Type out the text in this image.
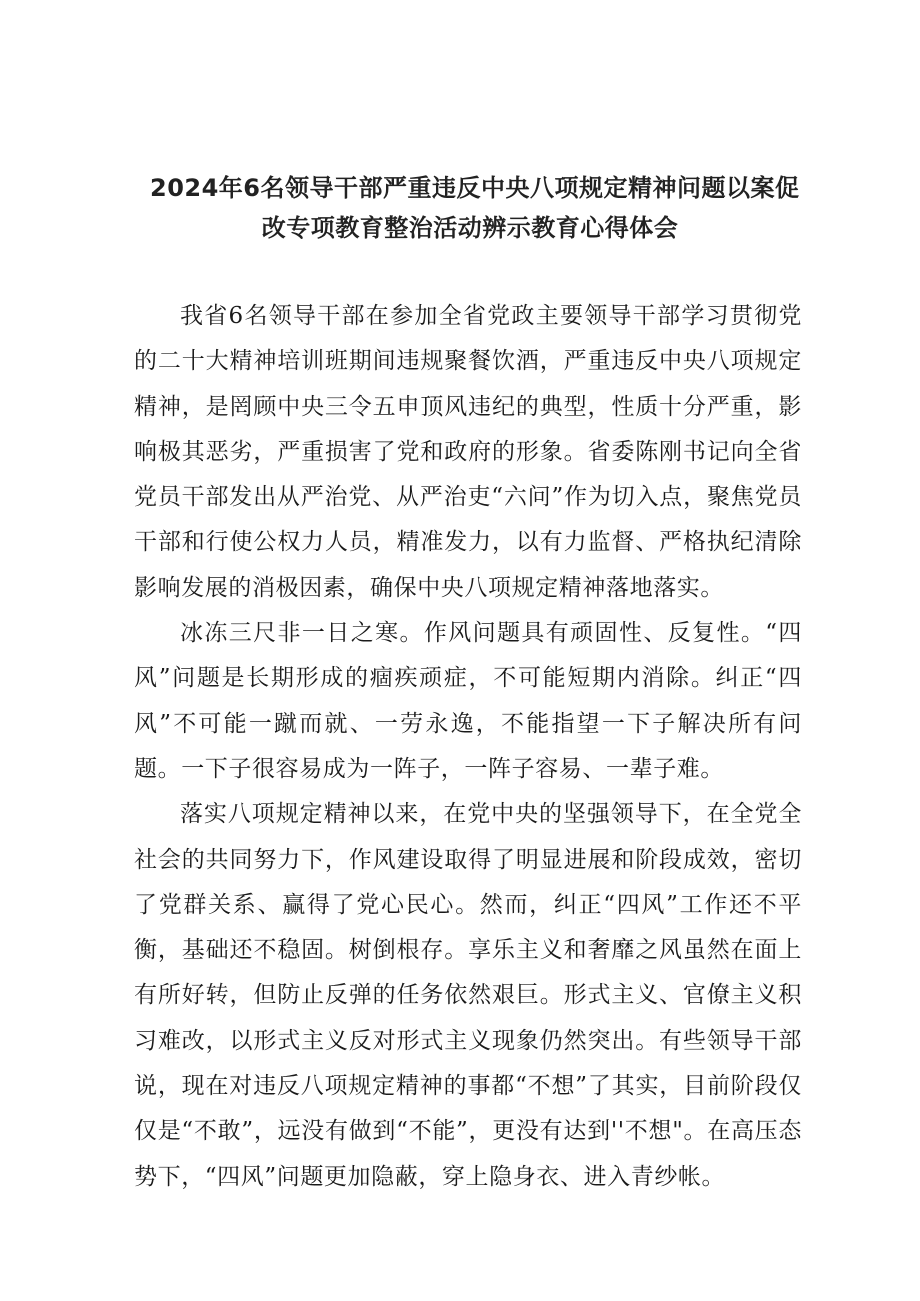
2024年6名领导干部严重违反中央八项规定精神问题以案促
改专项教育整治活动辨示教育心得体会

我省6名领导干部在参加全省党政主要领导干部学习贯彻党的二十大精神培训班期间违规聚餐饮酒，严重违反中央八项规定精神，是罔顾中央三令五申顶风违纪的典型，性质十分严重，影响极其恶劣，严重损害了党和政府的形象。省委陈刚书记向全省党员干部发出从严治党、从严治吏“六问”作为切入点，聚焦党员干部和行使公权力人员，精准发力，以有力监督、严格执纪清除影响发展的消极因素，确保中央八项规定精神落地落实。

冰冻三尺非一日之寒。作风问题具有顽固性、反复性。“四风”问题是长期形成的痼疾顽症，不可能短期内消除。纠正“四风”不可能一蹴而就、一劳永逸，不能指望一下子解决所有问题。一下子很容易成为一阵子，一阵子容易、一辈子难。

落实八项规定精神以来，在党中央的坚强领导下，在全党全社会的共同努力下，作风建设取得了明显进展和阶段成效，密切了党群关系、赢得了党心民心。然而，纠正“四风”工作还不平衡，基础还不稳固。树倒根存。享乐主义和奢靡之风虽然在面上有所好转，但防止反弹的任务依然艰巨。形式主义、官僚主义积习难改，以形式主义反对形式主义现象仍然突出。有些领导干部说，现在对违反八项规定精神的事都“不想”了其实，目前阶段仅仅是“不敢”，远没有做到“不能”，更没有达到''不想"。在高压态势下，“四风”问题更加隐蔽，穿上隐身衣、进入青纱帐。
